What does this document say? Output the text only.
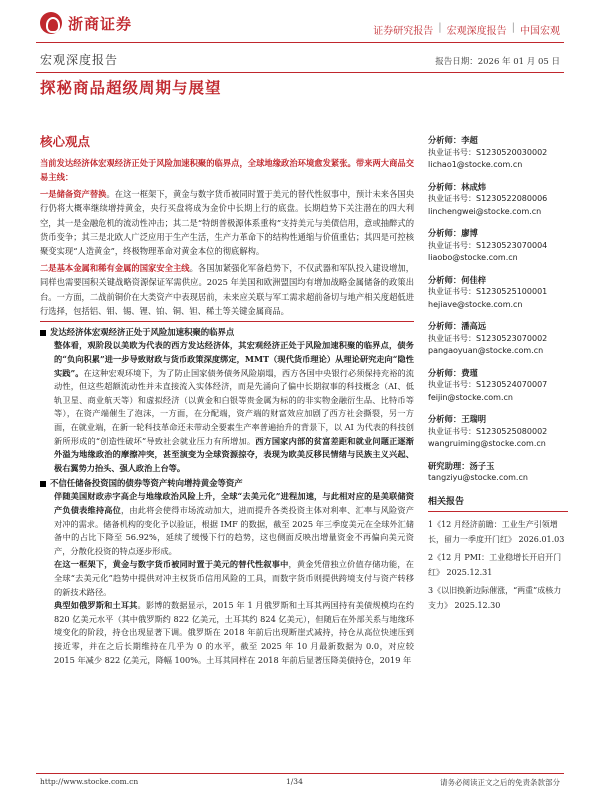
浙商证券	证券研究报告 | 宏观深度报告 | 中国宏观
宏观深度报告	报告日期：2026 年 01 月 05 日
探秘商品超级周期与展望
核心观点

当前发达经济体宏观经济正处于风险加速积聚的临界点，全球地缘政治环境愈发紧张。带来两大商品交易主线：

一是储备资产替换。在这一框架下，黄金与数字货币被同时置于美元的替代性叙事中，预计未来各国央行仍将大概率继续增持黄金，央行买盘将成为金价中长期上行的底盘。长期趋势下关注潜在的四大利空，其一是金融危机的流动性冲击；其二是“特朗普极源体系重构”支持美元与美债信用，意或抽醉式的货币变争；其三是北欧人广泛应用于生产生活，生产力革命下的结构性通缩与价值重估；其四是可控核聚变实现“人造黄金”，终极物理革命对黄金本位的彻底解构。

二是基本金属和稀有金属的国家安全主线。各国加紧强化军备趋势下，不仅武器和军队投入建设增加，同样也需要国积关键战略资源保证军需供应。2025 年美国和欧洲盟国均有增加战略金属储备的政策出台。一方面，二战前铜价在大类资产中表现居前，未来应关联与军工需求超前备切与地产相关度超低进行选择，包括铝、钼、锡、锂、铂、铜、钽、稀土等关键金属商品。

发达经济体宏观经济正处于风险加速积聚的临界点

整体看，观阶段以美欧为代表的西方发达经济体，其宏观经济正处于风险加速积聚的临界点，债务的“负向积累”进一步导致财政与货币政策深度绑定，MMT（现代货币理论）从理论研究走向“隐性实践”。在这种宏观环境下，为了防止国家债务债务风险崩塌，西方各国中央银行必须保持充裕的流动性，但这些超额流动性并未直接流入实体经济，而是先涌向了偏中长期叙事的科技概念（AI、低轨卫星、商业航天等）和虚拟经济（以黄金和白银等贵金属为标的的非实物金融衍生品、比特币等等），在资产端催生了泡沫，一方面，在分配端，资产端的财富效应加剧了西方社会撕裂，另一方面，在就业端，在新一轮科技革命还未带动全要素生产率普遍抬升的背景下，以 AI 为代表的科技创新所形成的“创造性破坏”导致社会就业压力有所增加。西方国家内部的贫富差距和就业问题正逐渐外溢为地缘政治的摩擦冲突，甚至演变为全球资源掠夺，表现为欧美反移民情绪与民族主义兴起、极右翼势力抬头、强人政治上台等。

不信任储备投资国的债券等资产转向增持黄金等资产

伴随美国财政赤字高企与地缘政治风险上升，全球“去美元化”进程加速，与此相对应的是美联储资产负债表维持高位，由此将会使得市场流动加大，进而提升各类投资主体对利率、汇率与风险资产对冲的需求。储备机构的变化予以验证，根据 IMF 的数据，截至 2025 年三季度美元在全球外汇储备中的占比下降至 56.92%，延续了缓慢下行的趋势，这也侧面反映出增量资金不再偏向美元资产，分散化投资的特点逐步形成。

在这一框架下，黄金与数字货币被同时置于美元的替代性叙事中，黄金凭借独立价值存储功能，在全球“去美元化”趋势中提供对冲主权货币信用风险的工具，而数字货币则提供跨境支付与资产转移的新技术路径。

典型如俄罗斯和土耳其。影博的数据显示，2015 年 1 月俄罗斯和土耳其两国持有美债规模均在约 820 亿美元水平（其中俄罗斯约 822 亿美元，土耳其约 824 亿美元），但随后在外部关系与地缘环境变化的阶段，持仓出现显著下调。俄罗斯在 2018 年前后出现断崖式减持，持仓从高位快速压到接近零，并在之后长期维持在几乎为 0 的水平，截至 2025 年 10 月最新数据为 0.0，对应较 2015 年减少 822 亿美元，降幅 100%。土耳其同样在 2018 年前后显著压降美债持仓，2019 年

分析师：李超
执业证书号：S1230520030002
lichao1@stocke.com.cn
分析师：林成炜
执业证书号：S1230522080006
linchengwei@stocke.com.cn
分析师：廖博
执业证书号：S1230523070004
liaobo@stocke.com.cn
分析师：何佳梓
执业证书号：S1230525100001
hejiave@stocke.com.cn
分析师：潘高远
执业证书号：S1230523070002
pangaoyuan@stocke.com.cn
分析师：费瑾
执业证书号：S1230524070007
feijin@stocke.com.cn
分析师：王瑞明
执业证书号：S1230525080002
wangruiming@stocke.com.cn
研究助理：汤子玉
tangziyu@stocke.com.cn
相关报告
1《12 月经济前瞻：工业生产引领增长，留力一季度开门红》 2026.01.03
2《12 月 PMI：工业稳增长开启开门红》 2025.12.31
3《以旧换新边际催涨，“两重”成核力支力》 2025.12.30
http://www.stocke.com.cn	1/34	请务必阅读正文之后的免责条款部分
